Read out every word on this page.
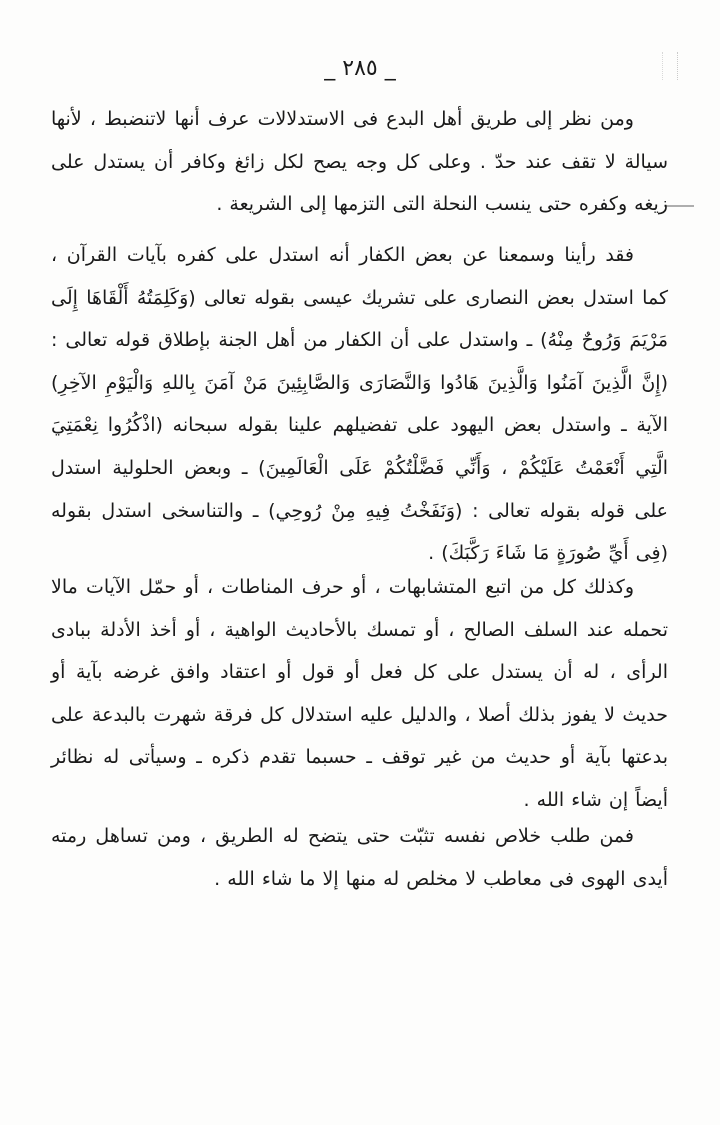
_ ٢٨٥ _

ومن نظر إلى طريق أهل البدع فى الاستدلالات عرف أنها لاتنضبط ، لأنها سيالة لا تقف عند حدّ . وعلى كل وجه يصح لكل زائغ وكافر أن يستدل على زيغه وكفره حتى ينسب النحلة التى التزمها إلى الشريعة .

فقد رأينا وسمعنا عن بعض الكفار أنه استدل على كفره بآيات القرآن ، كما استدل بعض النصارى على تشريك عيسى بقوله تعالى (وَكَلِمَتُهُ أَلْقَاهَا إِلَى مَرْيَمَ وَرُوحٌ مِنْهُ) ـ واستدل على أن الكفار من أهل الجنة بإطلاق قوله تعالى : (إِنَّ الَّذِينَ آمَنُوا وَالَّذِينَ هَادُوا وَالنَّصَارَى وَالصَّابِئِينَ مَنْ آمَنَ بِاللهِ وَالْيَوْمِ الآخِرِ) الآية ـ واستدل بعض اليهود على تفضيلهم علينا بقوله سبحانه (اذْكُرُوا نِعْمَتِيَ الَّتِي أَنْعَمْتُ عَلَيْكُمْ ، وَأَنِّي فَضَّلْتُكُمْ عَلَى الْعَالَمِينَ) ـ وبعض الحلولية استدل على قوله بقوله تعالى : (وَنَفَخْتُ فِيهِ مِنْ رُوحِي) ـ والتناسخى استدل بقوله (فِى أَيِّ صُورَةٍ مَا شَاءَ رَكَّبَكَ) .

وكذلك كل من اتبع المتشابهات ، أو حرف المناطات ، أو حمّل الآيات مالا تحمله عند السلف الصالح ، أو تمسك بالأحاديث الواهية ، أو أخذ الأدلة ببادى الرأى ، له أن يستدل على كل فعل أو قول أو اعتقاد وافق غرضه بآية أو حديث لا يفوز بذلك أصلا ، والدليل عليه استدلال كل فرقة شهرت بالبدعة على بدعتها بآية أو حديث من غير توقف ـ حسبما تقدم ذكره ـ وسيأتى له نظائر أيضاً إن شاء الله .

فمن طلب خلاص نفسه تثبّت حتى يتضح له الطريق ، ومن تساهل رمته أيدى الهوى فى معاطب لا مخلص له منها إلا ما شاء الله .
